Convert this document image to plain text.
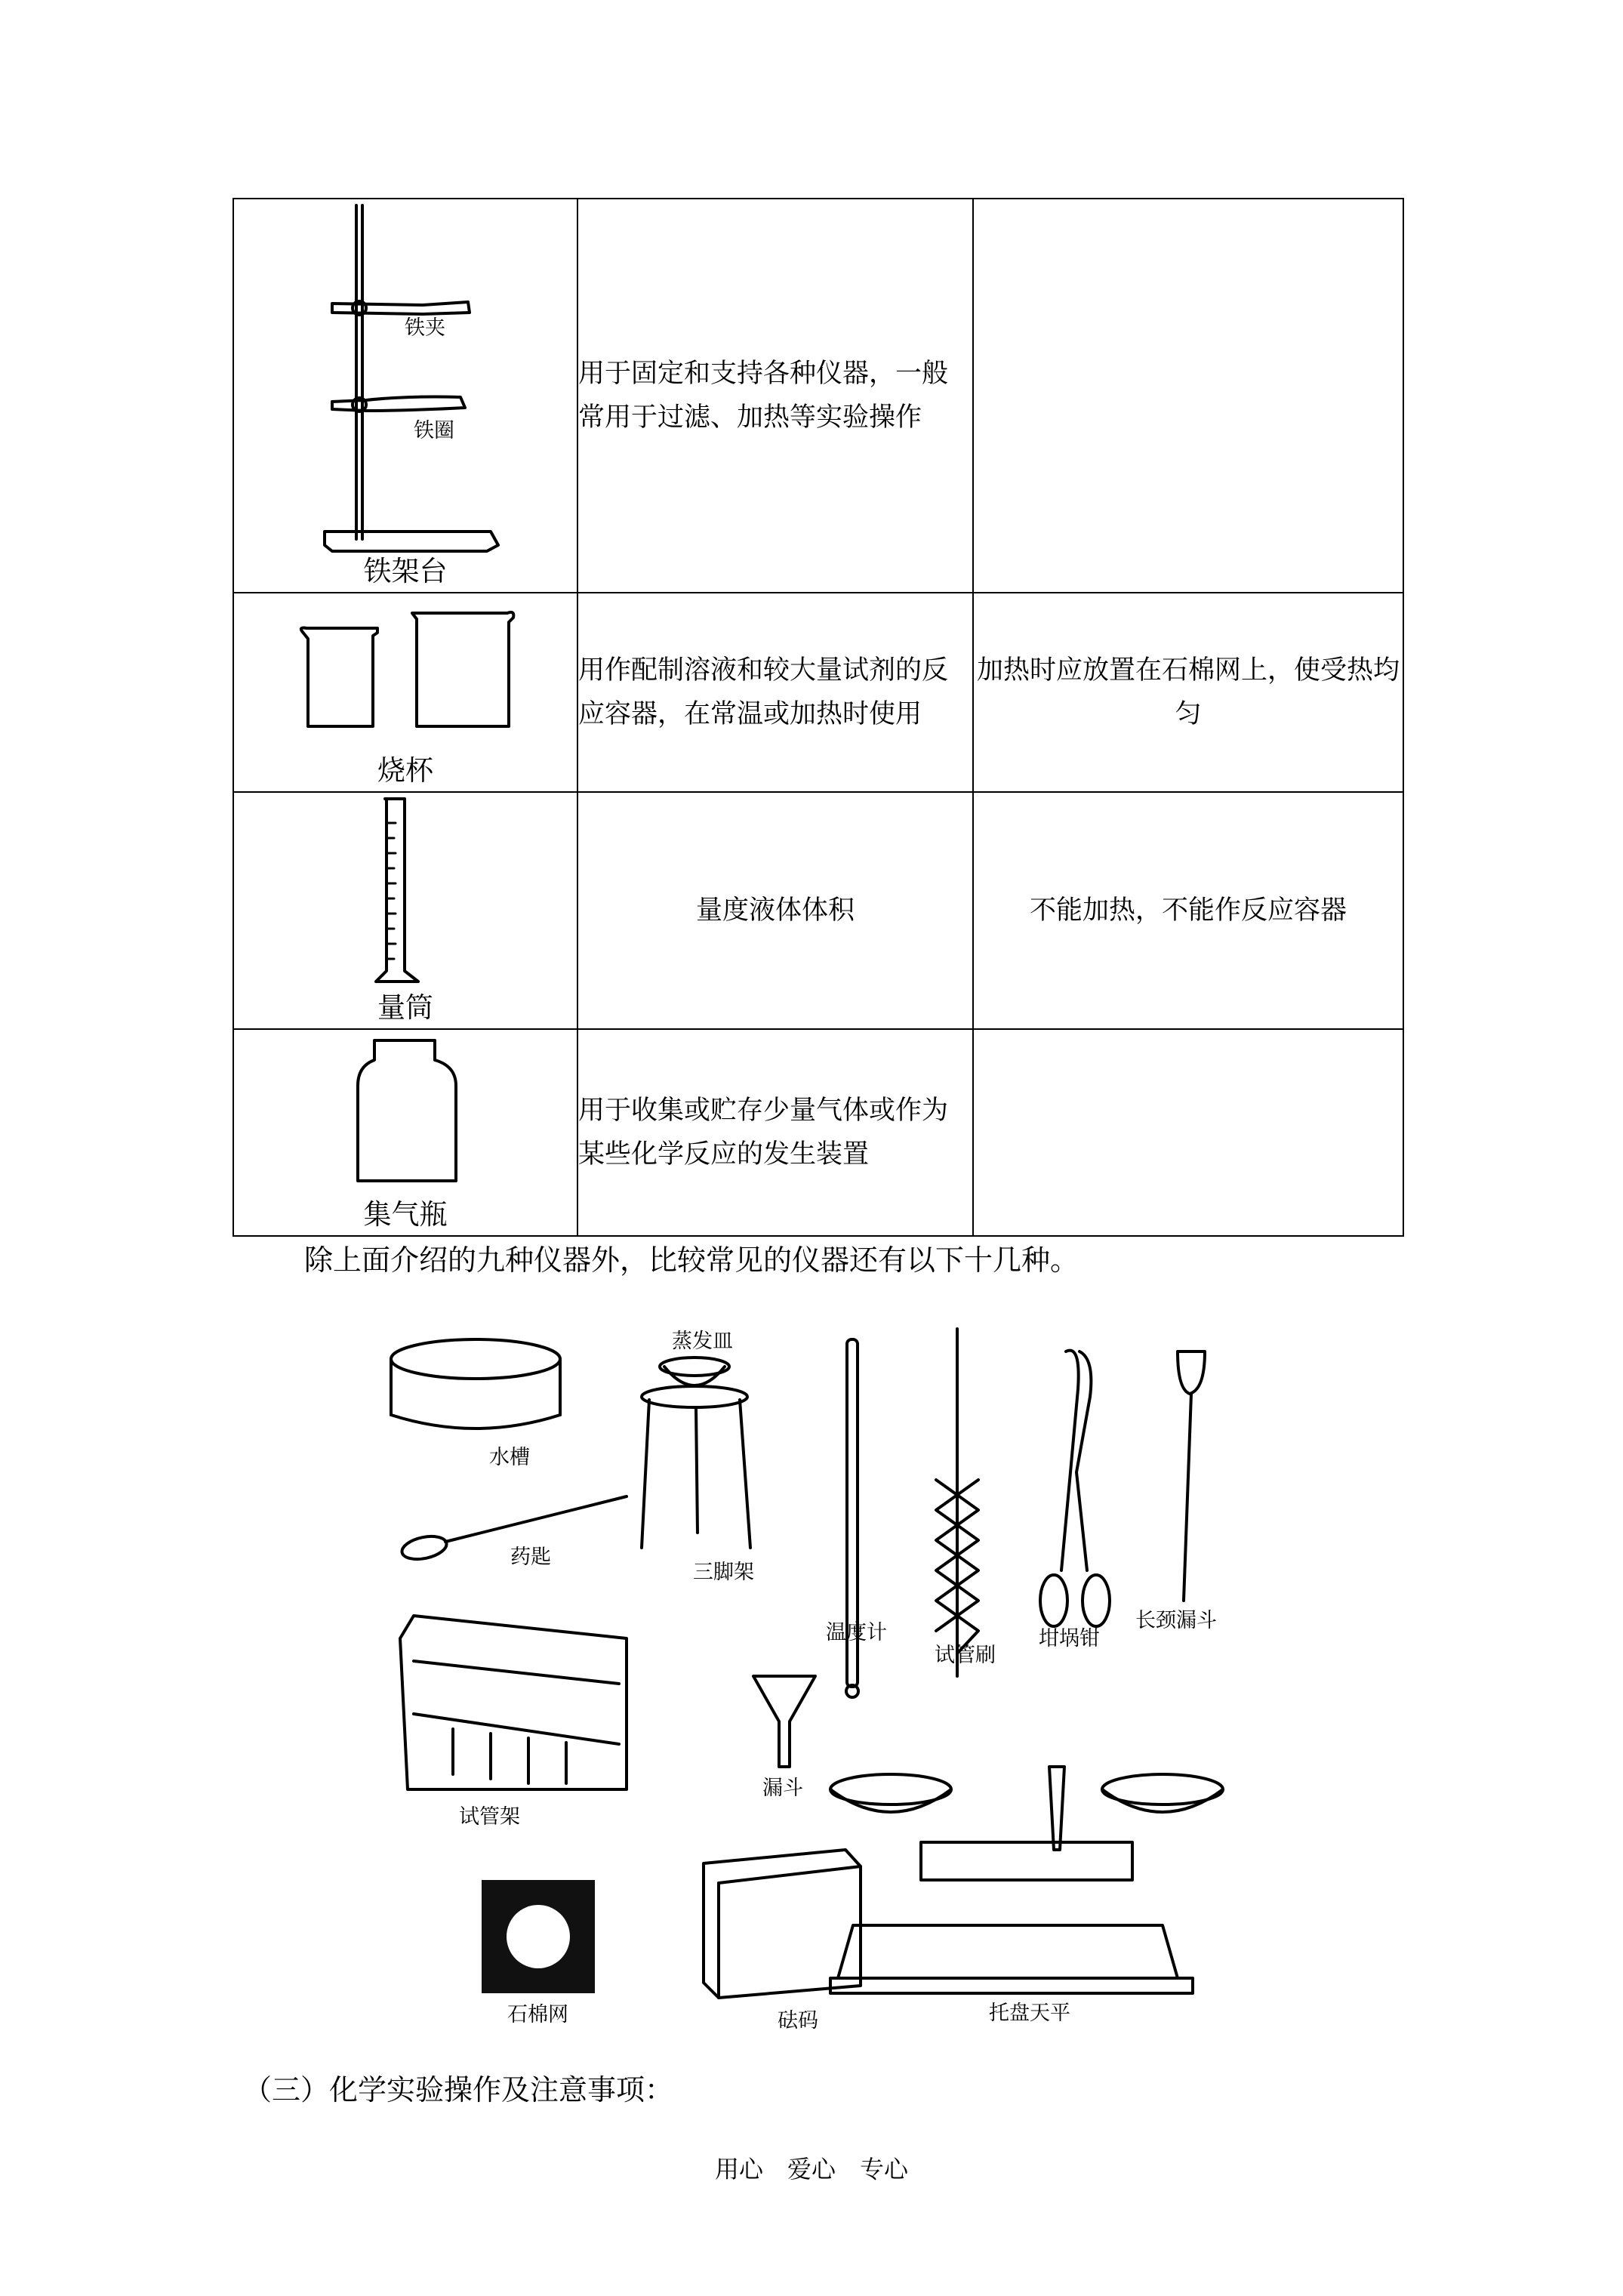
铁夹
铁圈
铁架台	用于固定和支持各种仪器，一般常用于过滤、加热等实验操作	

烧杯	用作配制溶液和较大量试剂的反应容器，在常温或加热时使用	加热时应放置在石棉网上，使受热均匀

量筒	量度液体体积	不能加热，不能作反应容器

集气瓶	用于收集或贮存少量气体或作为某些化学反应的发生装置	
除上面介绍的九种仪器外，比较常见的仪器还有以下十几种。
水槽
蒸发皿
三脚架
药匙
温度计
试管刷
坩埚钳
长颈漏斗
试管架
漏斗
石棉网	砝码	托盘天平
（三）化学实验操作及注意事项：
用心　爱心　专心
